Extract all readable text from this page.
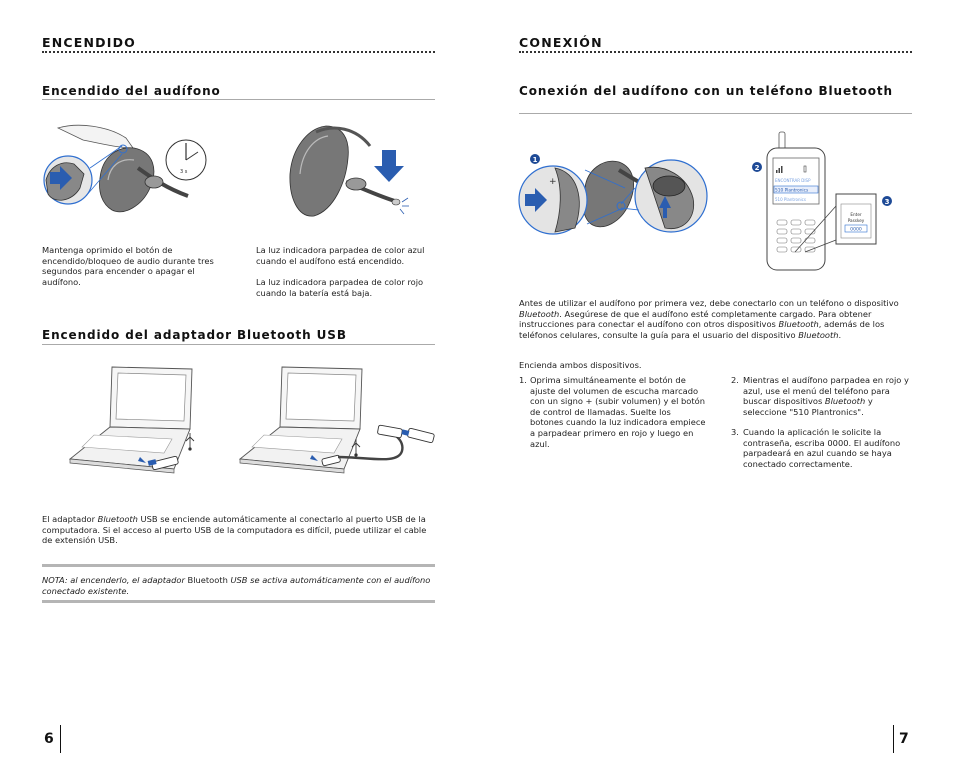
ENCENDIDO
Encendido del audífono
3 s
Mantenga oprimido el botón de encendido/bloqueo de audio durante tres segundos para encender o apagar el audífono.
La luz indicadora parpadea de color azul cuando el audífono está encendido.
La luz indicadora parpadea de color rojo cuando la batería está baja.
Encendido del adaptador Bluetooth USB
El adaptador Bluetooth USB se enciende automáticamente al conectarlo al puerto USB de la computadora. Si el acceso al puerto USB de la computadora es difícil, puede utilizar el cable de extensión USB.
NOTA: al encenderlo, el adaptador Bluetooth USB se activa automáticamente con el audífono conectado existente.
6
CONEXIÓN
Conexión del audífono con un teléfono Bluetooth
1
+
2
ENCONTRAR DISP
510 Plantronics
510 Plantronics	3
Enter
Passkey
0000
Antes de utilizar el audífono por primera vez, debe conectarlo con un teléfono o dispositivo Bluetooth. Asegúrese de que el audífono esté completamente cargado. Para obtener instrucciones para conectar el audífono con otros dispositivos Bluetooth, además de los teléfonos celulares, consulte la guía para el usuario del dispositivo Bluetooth.
Encienda ambos dispositivos.
1. Oprima simultáneamente el botón de ajuste del volumen de escucha marcado con un signo + (subir volumen) y el botón de control de llamadas. Suelte los botones cuando la luz indicadora empiece a parpadear primero en rojo y luego en azul.
2. Mientras el audífono parpadea en rojo y azul, use el menú del teléfono para buscar dispositivos Bluetooth y seleccione "510 Plantronics".
3. Cuando la aplicación le solicite la contraseña, escriba 0000. El audífono parpadeará en azul cuando se haya conectado correctamente.
7
